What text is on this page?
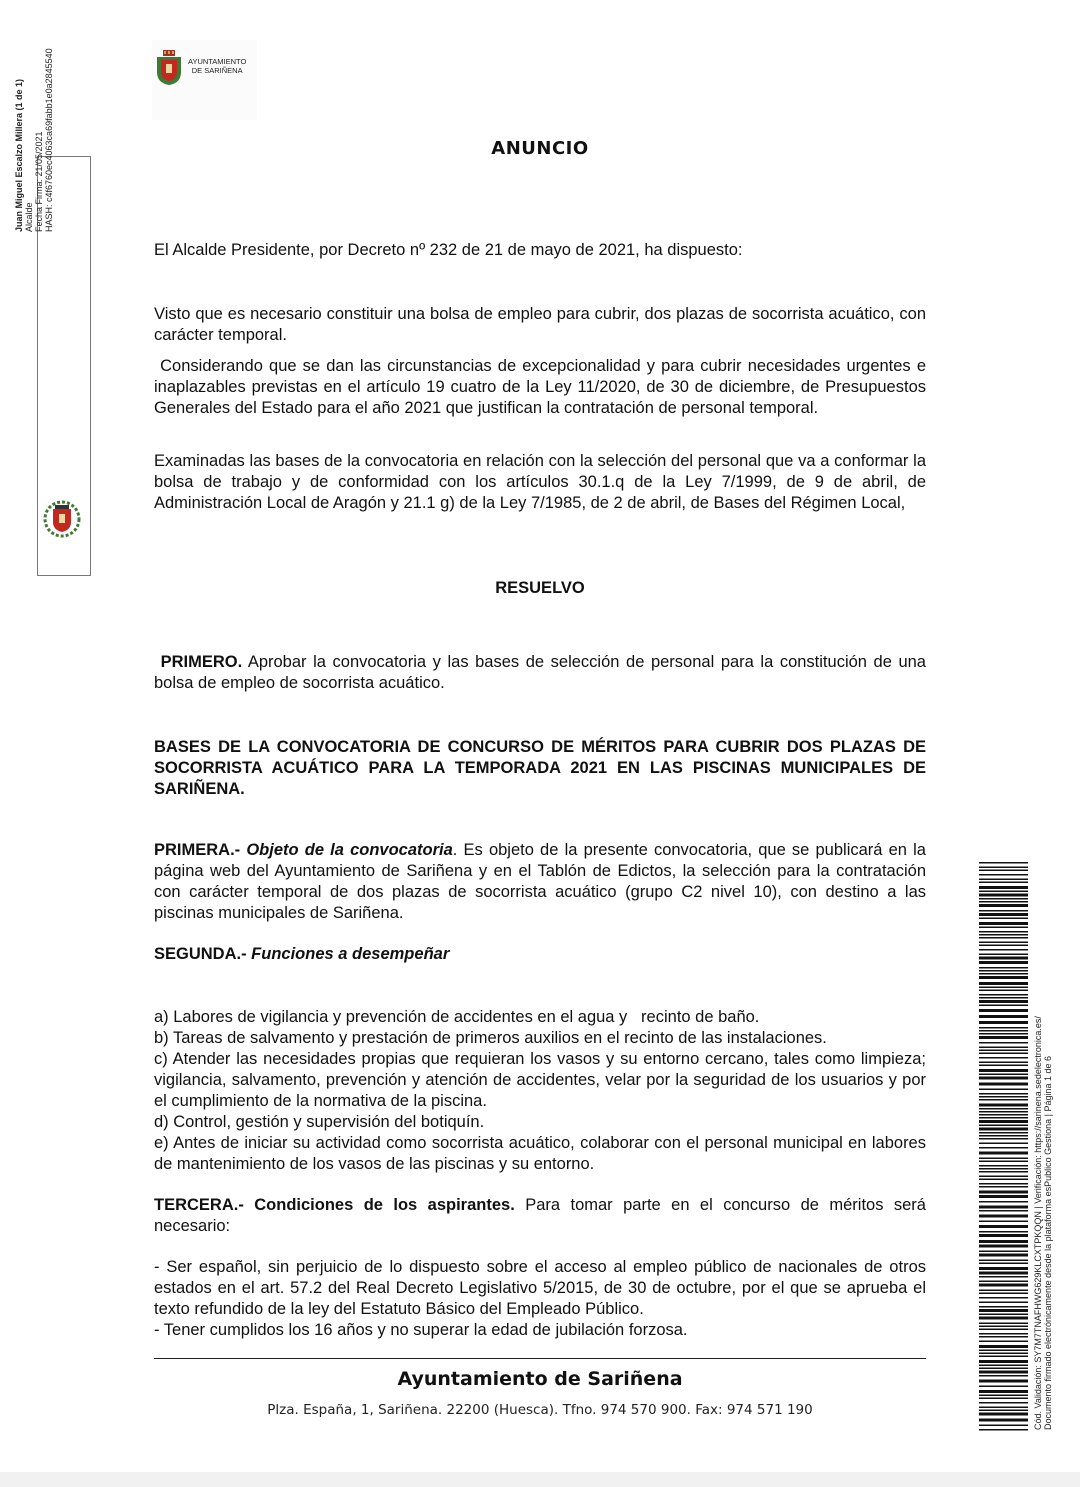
AYUNTAMIENTO
DE SARIÑENA
Juan Miguel Escalzo Millera (1 de 1) Alcalde Fecha Firma: 21/05/2021 HASH: c4f6760ec4063ca69fabb1e0a2845540	ANUNCIO
El Alcalde Presidente, por Decreto nº 232 de 21 de mayo de 2021, ha dispuesto:
Visto que es necesario constituir una bolsa de empleo para cubrir, dos plazas de socorrista acuático, con carácter temporal.
Considerando que se dan las circunstancias de excepcionalidad y para cubrir necesidades urgentes e inaplazables previstas en el artículo 19 cuatro de la Ley 11/2020, de 30 de diciembre, de Presupuestos Generales del Estado para el año 2021 que justifican la contratación de personal temporal.
Examinadas las bases de la convocatoria en relación con la selección del personal que va a conformar la bolsa de trabajo y de conformidad con los artículos 30.1.q de la Ley 7/1999, de 9 de abril, de Administración Local de Aragón y 21.1 g) de la Ley 7/1985, de 2 de abril, de Bases del Régimen Local,
RESUELVO
PRIMERO. Aprobar la convocatoria y las bases de selección de personal para la constitución de una bolsa de empleo de socorrista acuático.
BASES DE LA CONVOCATORIA DE CONCURSO DE MÉRITOS PARA CUBRIR DOS PLAZAS DE SOCORRISTA ACUÁTICO PARA LA TEMPORADA 2021 EN LAS PISCINAS MUNICIPALES DE SARIÑENA.
PRIMERA.- Objeto de la convocatoria. Es objeto de la presente convocatoria, que se publicará en la página web del Ayuntamiento de Sariñena y en el Tablón de Edictos, la selección para la contratación con carácter temporal de dos plazas de socorrista acuático (grupo C2 nivel 10), con destino a las piscinas municipales de Sariñena.
SEGUNDA.- Funciones a desempeñar

a) Labores de vigilancia y prevención de accidentes en el agua y   recinto de baño.
b) Tareas de salvamento y prestación de primeros auxilios en el recinto de las instalaciones.
c) Atender las necesidades propias que requieran los vasos y su entorno cercano, tales como limpieza; vigilancia, salvamento, prevención y atención de accidentes, velar por la seguridad de los usuarios y por el cumplimiento de la normativa de la piscina.
d) Control, gestión y supervisión del botiquín.
e) Antes de iniciar su actividad como socorrista acuático, colaborar con el personal municipal en labores de mantenimiento de los vasos de las piscinas y su entorno.
TERCERA.- Condiciones de los aspirantes. Para tomar parte en el concurso de méritos será necesario:
- Ser español, sin perjuicio de lo dispuesto sobre el acceso al empleo público de nacionales de otros estados en el art. 57.2 del Real Decreto Legislativo 5/2015, de 30 de octubre, por el que se aprueba el texto refundido de la ley del Estatuto Básico del Empleado Público.
- Tener cumplidos los 16 años y no superar la edad de jubilación forzosa.
Ayuntamiento de Sariñena
Plza. España, 1, Sariñena. 22200 (Huesca). Tfno. 974 570 900. Fax: 974 571 190	Cód. Validación: SY7M7TNAFHWG629KLCXTPKQQN | Verificación: https://sarinena.sedelectronica.es/ Documento firmado electrónicamente desde la plataforma esPublico Gestiona | Página 1 de 6
